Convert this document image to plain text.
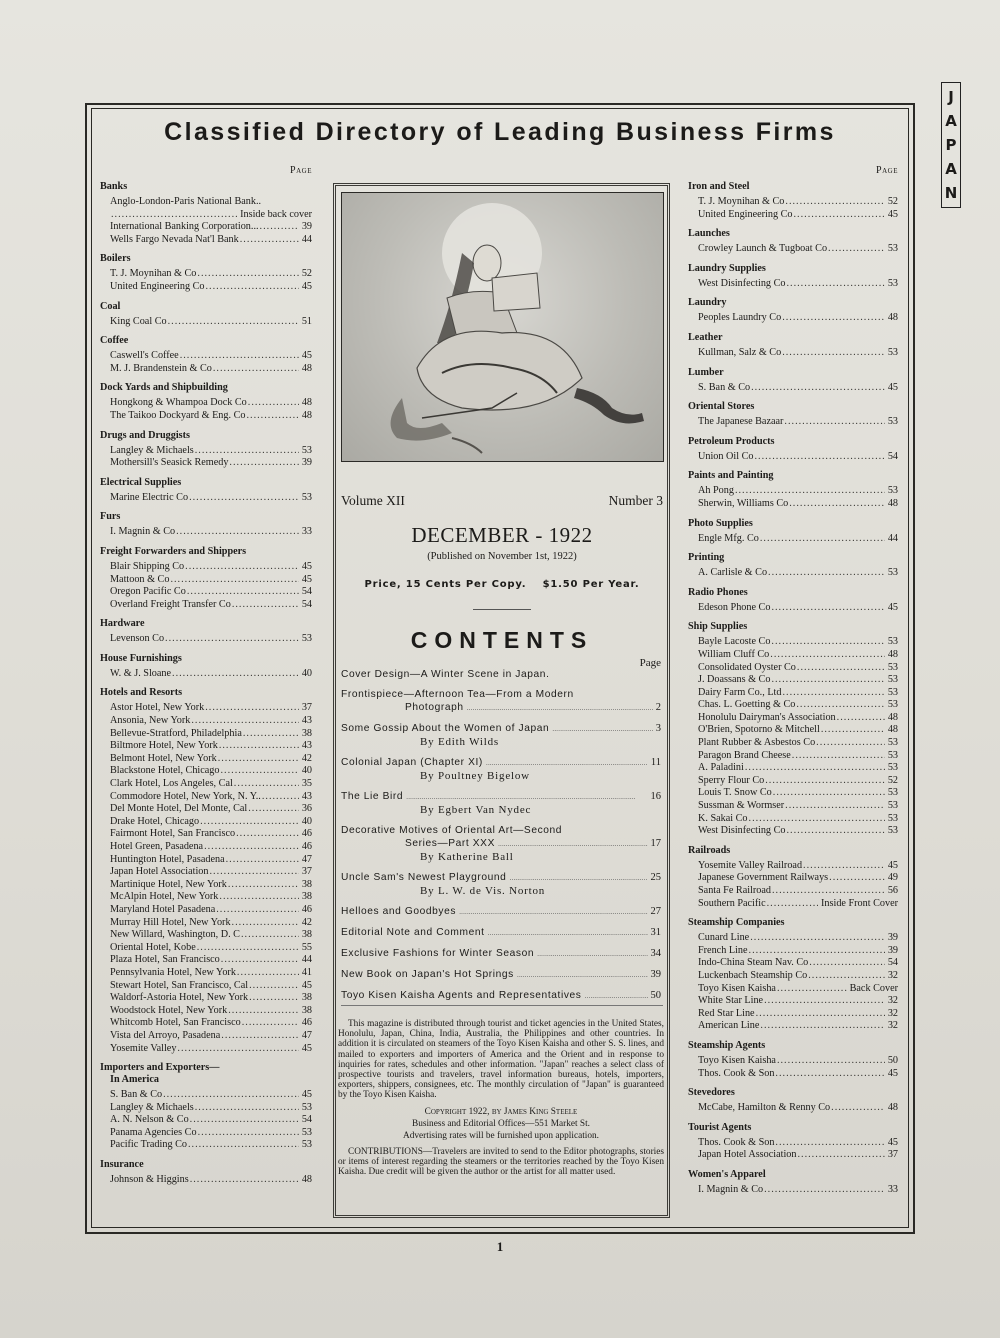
J
A
P
A
N
Classified Directory of Leading Business Firms
Page
Banks
Anglo-London-Paris National Bank..
.....
Inside back cover
International Banking Corporation... .....	39
Wells Fargo Nevada Nat'l Bank .....	44
Boilers
T. J. Moynihan & Co .....	52
United Engineering Co .....	45
Coal
King Coal Co .....	51
Coffee
Caswell's Coffee .....	45
M. J. Brandenstein & Co .....	48
Dock Yards and Shipbuilding
Hongkong & Whampoa Dock Co .....	48
The Taikoo Dockyard & Eng. Co .....	48
Drugs and Druggists
Langley & Michaels .....	53
Mothersill's Seasick Remedy .....	39
Electrical Supplies
Marine Electric Co .....	53
Furs
I. Magnin & Co .....	33
Freight Forwarders and Shippers
Blair Shipping Co .....	45
Mattoon & Co .....	45
Oregon Pacific Co .....	54
Overland Freight Transfer Co .....	54
Hardware
Levenson Co .....	53
House Furnishings
W. & J. Sloane .....	40
Hotels and Resorts
Astor Hotel, New York .....	37
Ansonia, New York .....	43
Bellevue-Stratford, Philadelphia .....	38
Biltmore Hotel, New York .....	43
Belmont Hotel, New York .....	42
Blackstone Hotel, Chicago .....	40
Clark Hotel, Los Angeles, Cal .....	35
Commodore Hotel, New York, N. Y.. .....	43
Del Monte Hotel, Del Monte, Cal .....	36
Drake Hotel, Chicago .....	40
Fairmont Hotel, San Francisco .....	46
Hotel Green, Pasadena .....	46
Huntington Hotel, Pasadena .....	47
Japan Hotel Association .....	37
Martinique Hotel, New York .....	38
McAlpin Hotel, New York .....	38
Maryland Hotel Pasadena .....	46
Murray Hill Hotel, New York .....	42
New Willard, Washington, D. C .....	38
Oriental Hotel, Kobe .....	55
Plaza Hotel, San Francisco .....	44
Pennsylvania Hotel, New York .....	41
Stewart Hotel, San Francisco, Cal .....	45
Waldorf-Astoria Hotel, New York .....	38
Woodstock Hotel, New York .....	38
Whitcomb Hotel, San Francisco .....	46
Vista del Arroyo, Pasadena .....	47
Yosemite Valley .....	45
Importers and Exporters—
In America
S. Ban & Co .....	45
Langley & Michaels .....	53
A. N. Nelson & Co .....	54
Panama Agencies Co .....	53
Pacific Trading Co .....	53
Insurance
Johnson & Higgins .....	48
Volume XII	Number 3
DECEMBER - 1922
(Published on November 1st, 1922)
Price, 15 Cents Per Copy. $1.50 Per Year.
CONTENTS
Page
Cover Design—A Winter Scene in Japan.
Frontispiece—Afternoon Tea—From a Modern
Photograph .....	2
Some Gossip About the Women of Japan .....	3
By Edith Wilds
Colonial Japan (Chapter XI) .....	11
By Poultney Bigelow
The Lie Bird .....	16
By Egbert Van Nydec
Decorative Motives of Oriental Art—Second
Series—Part XXX .....	17
By Katherine Ball
Uncle Sam's Newest Playground .....	25
By L. W. de Vis. Norton
Helloes and Goodbyes .....	27
Editorial Note and Comment .....	31
Exclusive Fashions for Winter Season .....	34
New Book on Japan's Hot Springs .....	39
Toyo Kisen Kaisha Agents and Representatives .....	50

This magazine is distributed through tourist and ticket agencies in the United States, Honolulu, Japan, China, India, Australia, the Philippines and other countries. In addition it is circulated on steamers of the Toyo Kisen Kaisha and other S. S. lines, and mailed to exporters and importers of America and the Orient and in response to inquiries for rates, schedules and other information. "Japan" reaches a select class of prospective tourists and travelers, travel information bureaus, hotels, importers, exporters, shippers, consignees, etc. The monthly circulation of "Japan" is guaranteed by the Toyo Kisen Kaisha.

Copyright 1922, by James King Steele

Business and Editorial Offices—551 Market St.

Advertising rates will be furnished upon application.

CONTRIBUTIONS—Travelers are invited to send to the Editor photographs, stories or items of interest regarding the steamers or the territories reached by the Toyo Kisen Kaisha. Due credit will be given the author or the artist for all matter used.

Page
Iron and Steel
T. J. Moynihan & Co .....	52
United Engineering Co .....	45
Launches
Crowley Launch & Tugboat Co .....	53
Laundry Supplies
West Disinfecting Co .....	53
Laundry
Peoples Laundry Co .....	48
Leather
Kullman, Salz & Co .....	53
Lumber
S. Ban & Co .....	45
Oriental Stores
The Japanese Bazaar .....	53
Petroleum Products
Union Oil Co .....	54
Paints and Painting
Ah Pong .....	53
Sherwin, Williams Co .....	48
Photo Supplies
Engle Mfg. Co .....	44
Printing
A. Carlisle & Co .....	53
Radio Phones
Edeson Phone Co .....	45
Ship Supplies
Bayle Lacoste Co .....	53
William Cluff Co .....	48
Consolidated Oyster Co .....	53
J. Doassans & Co .....	53
Dairy Farm Co., Ltd .....	53
Chas. L. Goetting & Co .....	53
Honolulu Dairyman's Association .....	48
O'Brien, Spotorno & Mitchell .....	48
Plant Rubber & Asbestos Co .....	53
Paragon Brand Cheese .....	53
A. Paladini .....	53
Sperry Flour Co .....	52
Louis T. Snow Co .....	53
Sussman & Wormser .....	53
K. Sakai Co .....	53
West Disinfecting Co .....	53
Railroads
Yosemite Valley Railroad .....	45
Japanese Government Railways .....	49
Santa Fe Railroad .....	56
Southern Pacific .....	Inside Front Cover
Steamship Companies
Cunard Line .....	39
French Line .....	39
Indo-China Steam Nav. Co .....	54
Luckenbach Steamship Co .....	32
Toyo Kisen Kaisha .....	Back Cover
White Star Line .....	32
Red Star Line .....	32
American Line .....	32
Steamship Agents
Toyo Kisen Kaisha .....	50
Thos. Cook & Son .....	45
Stevedores
McCabe, Hamilton & Renny Co .....	48
Tourist Agents
Thos. Cook & Son .....	45
Japan Hotel Association .....	37
Women's Apparel
I. Magnin & Co .....	33
1
